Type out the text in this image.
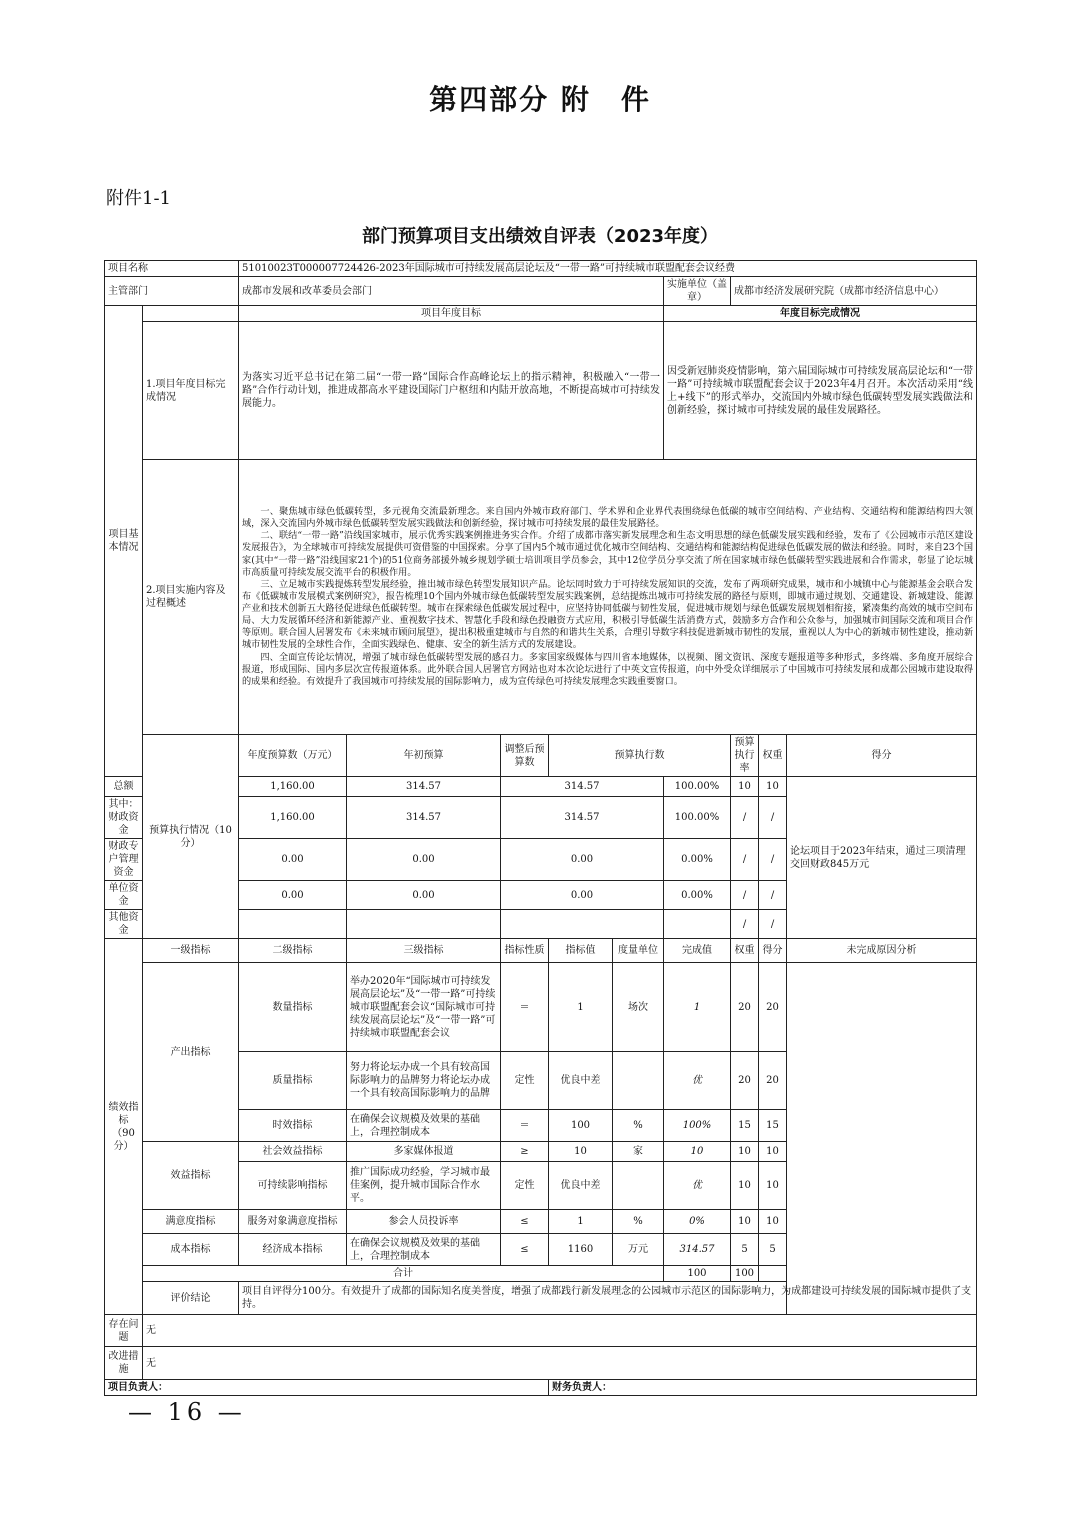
第四部分 附　件
附件1-1
部门预算项目支出绩效自评表（2023年度）
项目名称		51010023T000007724426-2023年国际城市可持续发展高层论坛及“一带一路”可持续城市联盟配套会议经费									
主管部门		成都市发展和改革委员会部门					实施单位（盖章）	成都市经济发展研究院（成都市经济信息中心）			
项目基本情况		项目年度目标					年度目标完成情况				
	1.项目年度目标完成情况	为落实习近平总书记在第二届“一带一路”国际合作高峰论坛上的指示精神，积极融入“一带一路”合作行动计划，推进成都高水平建设国际门户枢纽和内陆开放高地，不断提高城市可持续发展能力。					因受新冠肺炎疫情影响，第六届国际城市可持续发展高层论坛和“一带一路”可持续城市联盟配套会议于2023年4月召开。本次活动采用“线上+线下”的形式举办，交流国内外城市绿色低碳转型发展实践做法和创新经验，探讨城市可持续发展的最佳发展路径。				
	2.项目实施内容及过程概述	一、聚焦城市绿色低碳转型，多元视角交流最新理念。来自国内外城市政府部门、学术界和企业界代表围绕绿色低碳的城市空间结构、产业结构、交通结构和能源结构四大领域，深入交流国内外城市绿色低碳转型发展实践做法和创新经验，探讨城市可持续发展的最佳发展路径。

二、联结“一带一路”沿线国家城市，展示优秀实践案例推进务实合作。介绍了成都市落实新发展理念和生态文明思想的绿色低碳发展实践和经验，发布了《公园城市示范区建设发展报告》，为全球城市可持续发展提供可资借鉴的中国探索。分享了国内5个城市通过优化城市空间结构、交通结构和能源结构促进绿色低碳发展的做法和经验。同时，来自23个国家(其中“一带一路”沿线国家21个)的51位商务部援外城乡规划学硕士培训项目学员参会，其中12位学员分享交流了所在国家城市绿色低碳转型实践进展和合作需求，彰显了论坛城市高质量可持续发展交流平台的积极作用。

三、立足城市实践提炼转型发展经验，推出城市绿色转型发展知识产品。论坛同时致力于可持续发展知识的交流，发布了两项研究成果，城市和小城镇中心与能源基金会联合发布《低碳城市发展模式案例研究》，报告梳理10个国内外城市绿色低碳转型发展实践案例，总结提炼出城市可持续发展的路径与原则，即城市通过规划、交通建设、新城建设、能源产业和技术创新五大路径促进绿色低碳转型。城市在探索绿色低碳发展过程中，应坚持协同低碳与韧性发展，促进城市规划与绿色低碳发展规划相衔接，紧凑集约高效的城市空间布局、大力发展循环经济和新能源产业、重视数字技术、智慧化手段和绿色投融资方式应用，积极引导低碳生活消费方式，鼓励多方合作和公众参与，加强城市间国际交流和项目合作等原则。联合国人居署发布《未来城市顾问展望》，提出积极重建城市与自然的和谐共生关系，合理引导数字科技促进新城市韧性的发展，重视以人为中心的新城市韧性建设，推动新城市韧性发展的全球性合作，全面实践绿色、健康、安全的新生活方式的发展建设。

四、全面宣传论坛情况，增强了城市绿色低碳转型发展的感召力。多家国家级媒体与四川省本地媒体，以视频、图文资讯、深度专题报道等多种形式，多终端、多角度开展综合报道，形成国际、国内多层次宣传报道体系。此外联合国人居署官方网站也对本次论坛进行了中英文宣传报道，向中外受众详细展示了中国城市可持续发展和成都公园城市建设取得的成果和经验。有效提升了我国城市可持续发展的国际影响力，成为宣传绿色可持续发展理念实践重要窗口。									

	预算执行情况（10分）	年度预算数（万元）	年初预算	调整后预算数	预算执行数			预算执行率	权重	得分	
总额		1,160.00	314.57	314.57			100.00%	10	10	论坛项目于2023年结束，通过三项清理交回财政845万元	
其中：财政资金		1,160.00	314.57	314.57			100.00%	/	/		
财政专户管理资金		0.00	0.00	0.00			0.00%	/	/		
单位资金		0.00	0.00	0.00			0.00%	/	/		
其他资金								/	/		
绩效指标（90分）	一级指标	二级指标	三级指标	指标性质	指标值	度量单位	完成值	权重	得分	未完成原因分析	
	产出指标	数量指标	举办2020年“国际城市可持续发展高层论坛”及“一带一路”可持续城市联盟配套会议“国际城市可持续发展高层论坛”及“一带一路”可持续城市联盟配套会议	＝	1	场次	1	20	20		
		质量指标	努力将论坛办成一个具有较高国际影响力的品牌努力将论坛办成一个具有较高国际影响力的品牌	定性	优良中差		优	20	20		
		时效指标	在确保会议规模及效果的基础上，合理控制成本	＝	100	%	100%	15	15		
	效益指标	社会效益指标	多家媒体报道	≥	10	家	10	10	10		
		可持续影响指标	推广国际成功经验，学习城市最佳案例，提升城市国际合作水平。	定性	优良中差		优	10	10		
	满意度指标	服务对象满意度指标	参会人员投诉率	≤	1	%	0%	10	10		
	成本指标	经济成本指标	在确保会议规模及效果的基础上，合理控制成本	≤	1160	万元	314.57	5	5		
	合计						100	100			
	评价结论	项目自评得分100分。有效提升了成都的国际知名度美誉度，增强了成都践行新发展理念的公园城市示范区的国际影响力，为成都建设可持续发展的国际城市提供了支持。									
存在问题	无										
改进措施	无										
项目负责人：					财务负责人：						
— 16 —
